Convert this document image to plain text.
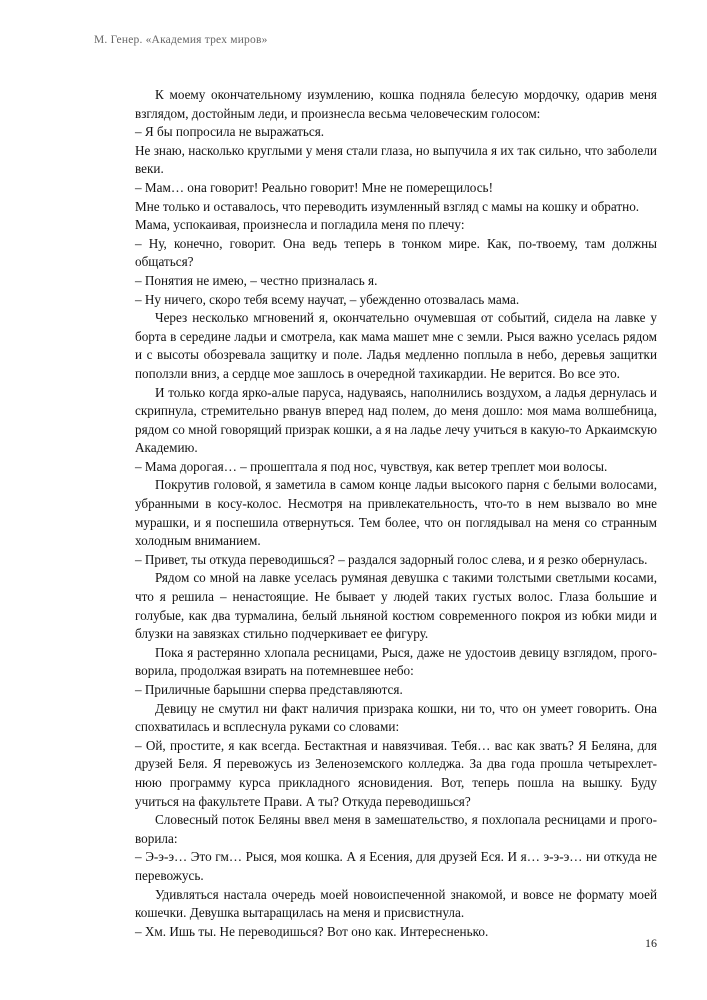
М. Генер. «Академия трех миров»

К моему окончательному изумлению, кошка подняла белесую мордочку, одарив меня взглядом, достойным леди, и произнесла весьма человеческим голосом:

– Я бы попросила не выражаться.

Не знаю, насколько круглыми у меня стали глаза, но выпучила я их так сильно, что заболели веки.

– Мам… она говорит! Реально говорит! Мне не померещилось!

Мне только и оставалось, что переводить изумленный взгляд с мамы на кошку и обратно.

Мама, успокаивая, произнесла и погладила меня по плечу:

– Ну, конечно, говорит. Она ведь теперь в тонком мире. Как, по-твоему, там должны общаться?

– Понятия не имею, – честно призналась я.

– Ну ничего, скоро тебя всему научат, – убежденно отозвалась мама.

Через несколько мгновений я, окончательно очумевшая от событий, сидела на лавке у борта в середине ладьи и смотрела, как мама машет мне с земли. Рыся важно уселась рядом и с высоты обозревала защитку и поле. Ладья медленно поплыла в небо, деревья защитки поползли вниз, а сердце мое зашлось в очередной тахикардии. Не верится. Во все это.

И только когда ярко-алые паруса, надуваясь, наполнились воздухом, а ладья дернулась и скрипнула, стремительно рванув вперед над полем, до меня дошло: моя мама волшебница, рядом со мной говорящий призрак кошки, а я на ладье лечу учиться в какую-то Аркаимскую Академию.

– Мама дорогая… – прошептала я под нос, чувствуя, как ветер треплет мои волосы.

Покрутив головой, я заметила в самом конце ладьи высокого парня с белыми волосами, убранными в косу-колос. Несмотря на привлекательность, что-то в нем вызвало во мне мурашки, и я поспешила отвернуться. Тем более, что он поглядывал на меня со странным холодным вниманием.

– Привет, ты откуда переводишься? – раздался задорный голос слева, и я резко обернулась.

Рядом со мной на лавке уселась румяная девушка с такими толстыми светлыми косами, что я решила – ненастоящие. Не бывает у людей таких густых волос. Глаза большие и голубые, как два турмалина, белый льняной костюм современного покроя из юбки миди и блузки на завязках стильно подчеркивает ее фигуру.

Пока я растерянно хлопала ресницами, Рыся, даже не удостоив девицу взглядом, проговорила, продолжая взирать на потемневшее небо:

– Приличные барышни сперва представляются.

Девицу не смутил ни факт наличия призрака кошки, ни то, что он умеет говорить. Она спохватилась и всплеснула руками со словами:

– Ой, простите, я как всегда. Бестактная и навязчивая. Тебя… вас как звать? Я Беляна, для друзей Беля. Я перевожусь из Зеленоземского колледжа. За два года прошла четырехлетнюю программу курса прикладного ясновидения. Вот, теперь пошла на вышку. Буду учиться на факультете Прави. А ты? Откуда переводишься?

Словесный поток Беляны ввел меня в замешательство, я похлопала ресницами и проговорила:

– Э-э-э… Это гм… Рыся, моя кошка. А я Есения, для друзей Еся. И я… э-э-э… ни откуда не перевожусь.

Удивляться настала очередь моей новоиспеченной знакомой, и вовсе не формату моей кошечки. Девушка вытаращилась на меня и присвистнула.

– Хм. Ишь ты. Не переводишься? Вот оно как. Интересненько.

16
